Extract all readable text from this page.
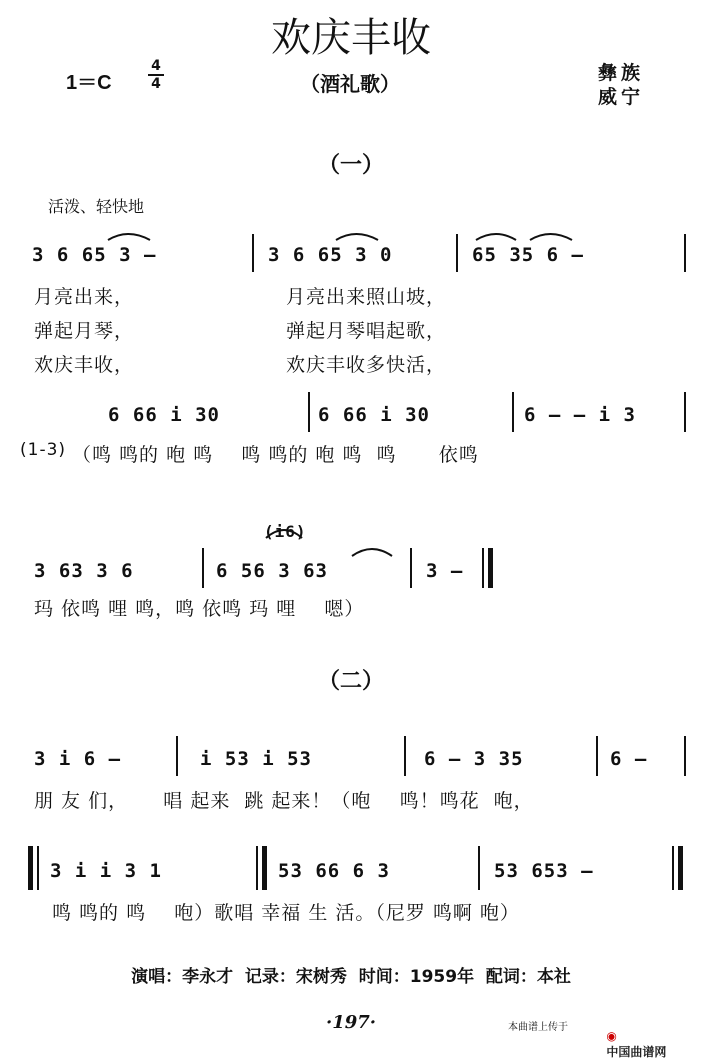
欢庆丰收
1＝C	$\frac{4}{4}$	（酒礼歌）	彝族
威宁
（一）
活泼、轻快地
3 6 65 3 —	3 6 65 3 0	65 35 6 —
月亮出来，	月亮出来照山坡，
弹起月琴，	弹起月琴唱起歌，
欢庆丰收，	欢庆丰收多快活，
6 66 i 30	6 66 i 30	6 — — i 3
(1-3) （鸣 鸣的 咆 鸣    鸣 鸣的 咆 鸣  鸣      依鸣
(i6)
3 63 3 6	6 56 3 63	3 —
玛 依鸣 哩 鸣，鸣 依鸣 玛 哩    嗯）
（二）
3 i 6 —	i 53 i 53	6 — 3 35	6 —
朋 友 们，     唱 起来  跳 起来！（咆    鸣！鸣花  咆，
3 i i 3 1	53 66 6 3	53 653 —
鸣 鸣的 鸣    咆）歌唱 幸福 生 活。（尼罗 鸣啊 咆）
演唱：李永才  记录：宋树秀  时间：1959年  配词：本社
·197·	本曲谱上传于

◉
中国曲谱网
